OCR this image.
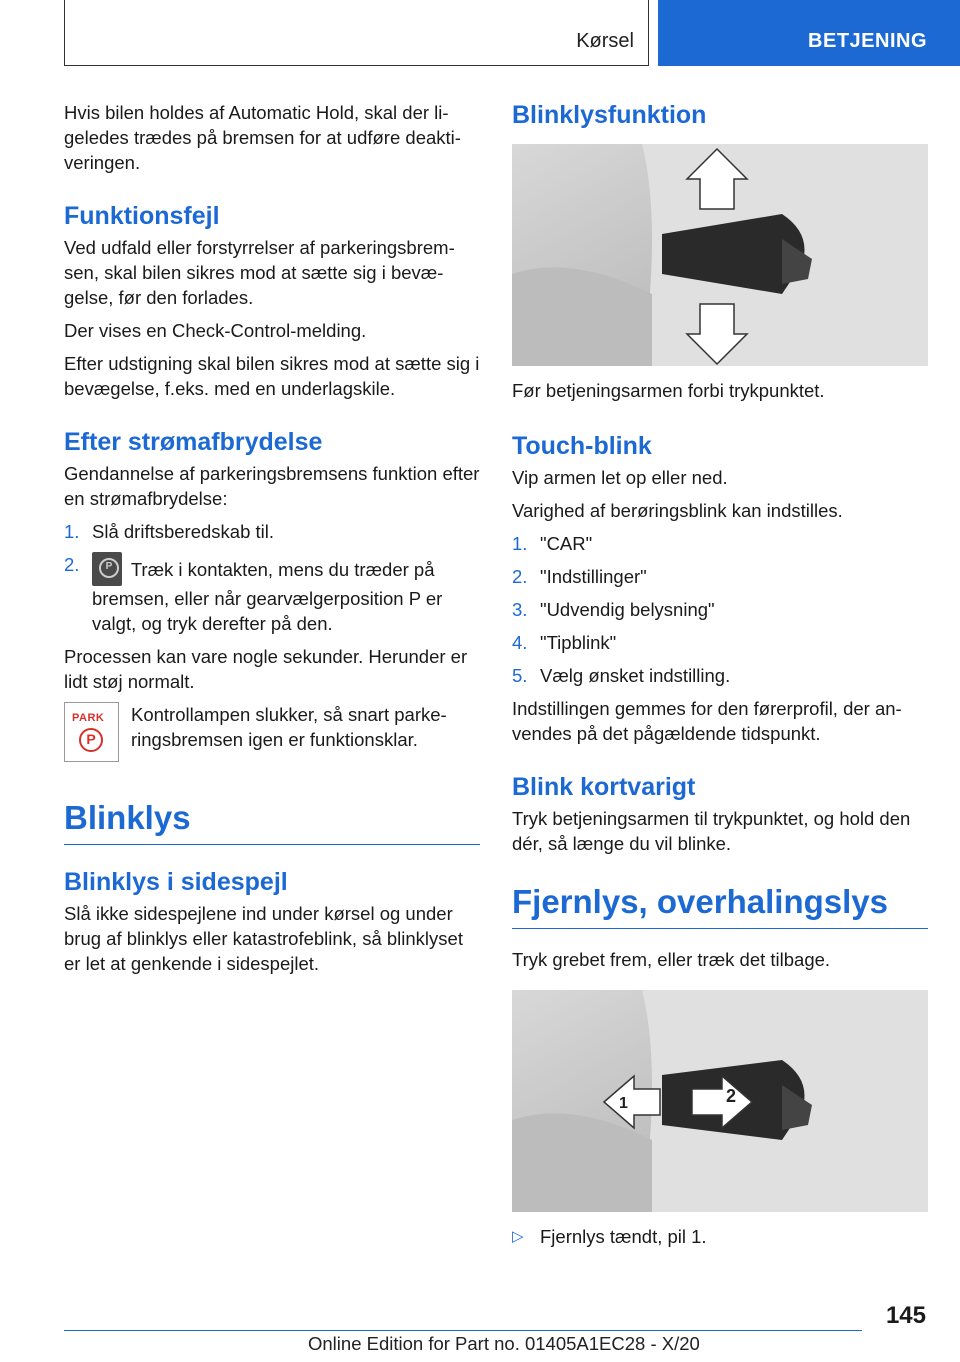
Kørsel	BETJENING

Hvis bilen holdes af Automatic Hold, skal der ligeledes trædes på bremsen for at udføre deaktiveringen.

Funktionsfejl

Ved udfald eller forstyrrelser af parkeringsbremsen, skal bilen sikres mod at sætte sig i bevægelse, før den forlades.

Der vises en Check-Control-melding.

Efter udstigning skal bilen sikres mod at sætte sig i bevægelse, f.eks. med en underlagskile.

Efter strømafbrydelse

Gendannelse af parkeringsbremsens funktion efter en strømafbrydelse:

1. Slå driftsberedskab til.
2.
P	Træk i kontakten, mens du træder på bremsen, eller når gearvælgerposition P er valgt, og tryk derefter på den.

Processen kan vare nogle sekunder. Herunder er lidt støj normalt.

PARK
P

Kontrollampen slukker, så snart parkeringsbremsen igen er funktionsklar.

Blinklys
Blinklys i sidespejl

Slå ikke sidespejlene ind under kørsel og under brug af blinklys eller katastrofeblink, så blinklyset er let at genkende i sidespejlet.

Blinklysfunktion

Før betjeningsarmen forbi trykpunktet.

Touch-blink

Vip armen let op eller ned.

Varighed af berøringsblink kan indstilles.

1. "CAR"
2. "Indstillinger"
3. "Udvendig belysning"
4. "Tipblink"
5. Vælg ønsket indstilling.

Indstillingen gemmes for den førerprofil, der anvendes på det pågældende tidspunkt.

Blink kortvarigt

Tryk betjeningsarmen til trykpunktet, og hold den dér, så længe du vil blinke.

Fjernlys, overhalingslys

Tryk grebet frem, eller træk det tilbage.

1	2
▷ Fjernlys tændt, pil 1.
145
Online Edition for Part no. 01405A1EC28 - X/20
